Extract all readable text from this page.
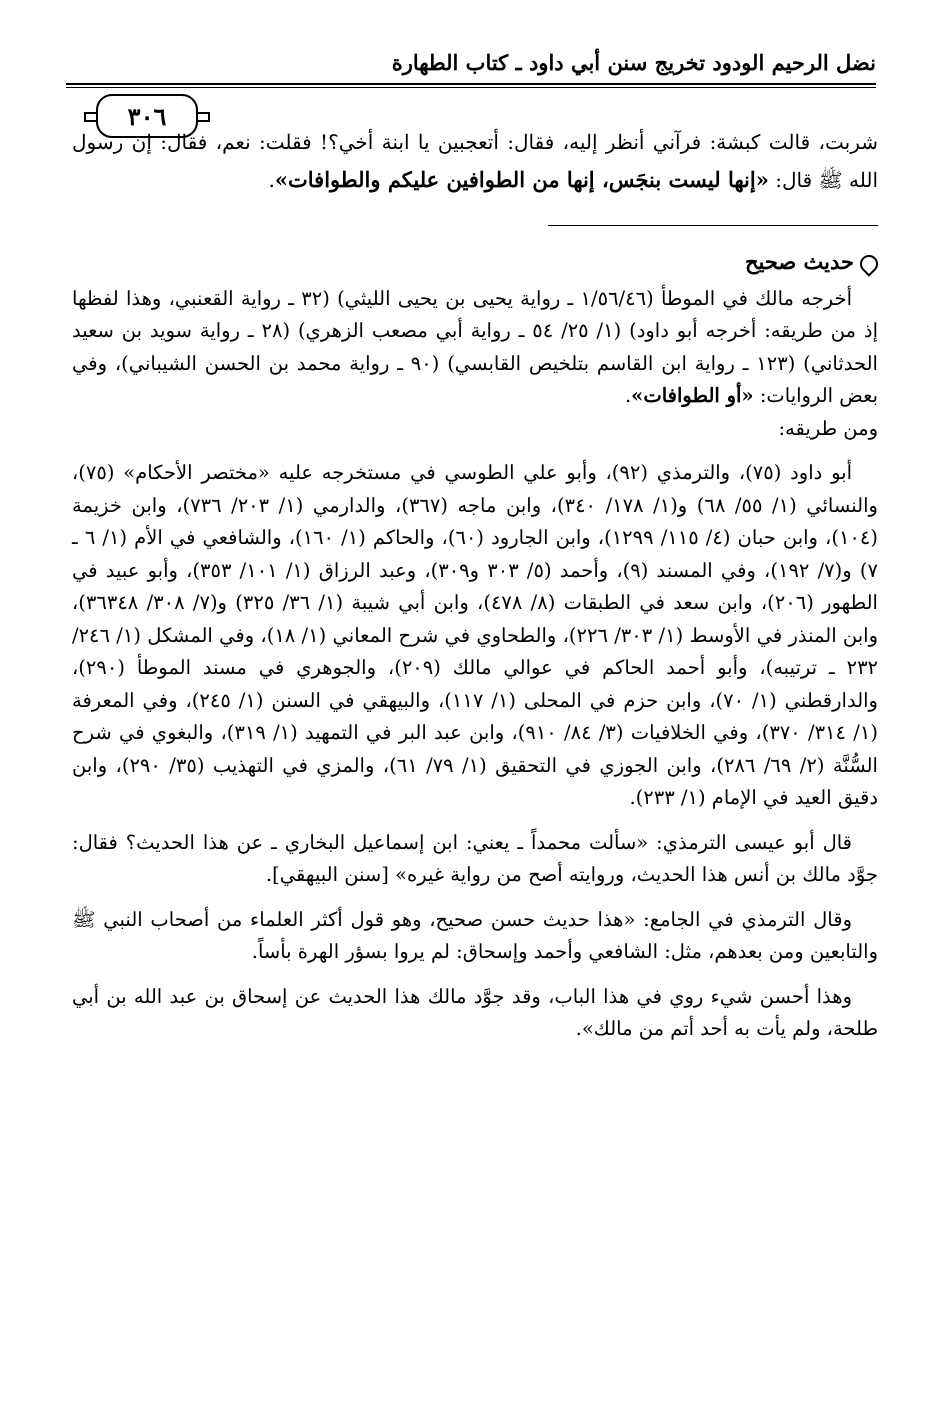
نضل الرحيم الودود تخريج سنن أبي داود ـ كتاب الطهارة
٣٠٦

شربت، قالت كبشة: فرآني أنظر إليه، فقال: أتعجبين يا ابنة أخي؟! فقلت: نعم، فقال: إن رسول الله ﷺ قال: «إنها ليست بنجَس، إنها من الطوافين عليكم والطوافات».

حديث صحيح

أخرجه مالك في الموطأ (١/٥٦/٤٦ ـ رواية يحيى بن يحيى الليثي) (٣٢ ـ رواية القعنبي، وهذا لفظها إذ من طريقه: أخرجه أبو داود) (١/ ٢٥/ ٥٤ ـ رواية أبي مصعب الزهري) (٢٨ ـ رواية سويد بن سعيد الحدثاني) (١٢٣ ـ رواية ابن القاسم بتلخيص القابسي) (٩٠ ـ رواية محمد بن الحسن الشيباني)، وفي بعض الروايات: «أو الطوافات».

ومن طريقه:

أبو داود (٧٥)، والترمذي (٩٢)، وأبو علي الطوسي في مستخرجه عليه «مختصر الأحكام» (٧٥)، والنسائي (١/ ٥٥/ ٦٨) و(١/ ١٧٨/ ٣٤٠)، وابن ماجه (٣٦٧)، والدارمي (١/ ٢٠٣/ ٧٣٦)، وابن خزيمة (١٠٤)، وابن حبان (٤/ ١١٥/ ١٢٩٩)، وابن الجارود (٦٠)، والحاكم (١/ ١٦٠)، والشافعي في الأم (١/ ٦ ـ ٧) و(٧/ ١٩٢)، وفي المسند (٩)، وأحمد (٥/ ٣٠٣ و٣٠٩)، وعبد الرزاق (١/ ١٠١/ ٣٥٣)، وأبو عبيد في الطهور (٢٠٦)، وابن سعد في الطبقات (٨/ ٤٧٨)، وابن أبي شيبة (١/ ٣٦/ ٣٢٥) و(٧/ ٣٠٨/ ٣٦٣٤٨)، وابن المنذر في الأوسط (١/ ٣٠٣/ ٢٢٦)، والطحاوي في شرح المعاني (١/ ١٨)، وفي المشكل (١/ ٢٤٦/ ٢٣٢ ـ ترتيبه)، وأبو أحمد الحاكم في عوالي مالك (٢٠٩)، والجوهري في مسند الموطأ (٢٩٠)، والدارقطني (١/ ٧٠)، وابن حزم في المحلى (١/ ١١٧)، والبيهقي في السنن (١/ ٢٤٥)، وفي المعرفة (١/ ٣١٤/ ٣٧٠)، وفي الخلافيات (٣/ ٨٤/ ٩١٠)، وابن عبد البر في التمهيد (١/ ٣١٩)، والبغوي في شرح السُّنَّة (٢/ ٦٩/ ٢٨٦)، وابن الجوزي في التحقيق (١/ ٧٩/ ٦١)، والمزي في التهذيب (٣٥/ ٢٩٠)، وابن دقيق العيد في الإمام (١/ ٢٣٣).

قال أبو عيسى الترمذي: «سألت محمداً ـ يعني: ابن إسماعيل البخاري ـ عن هذا الحديث؟ فقال: جوَّد مالك بن أنس هذا الحديث، وروايته أصح من رواية غيره» [سنن البيهقي].

وقال الترمذي في الجامع: «هذا حديث حسن صحيح، وهو قول أكثر العلماء من أصحاب النبي ﷺ والتابعين ومن بعدهم، مثل: الشافعي وأحمد وإسحاق: لم يروا بسؤر الهرة بأساً.

وهذا أحسن شيء روي في هذا الباب، وقد جوَّد مالك هذا الحديث عن إسحاق بن عبد الله بن أبي طلحة، ولم يأت به أحد أتم من مالك».
